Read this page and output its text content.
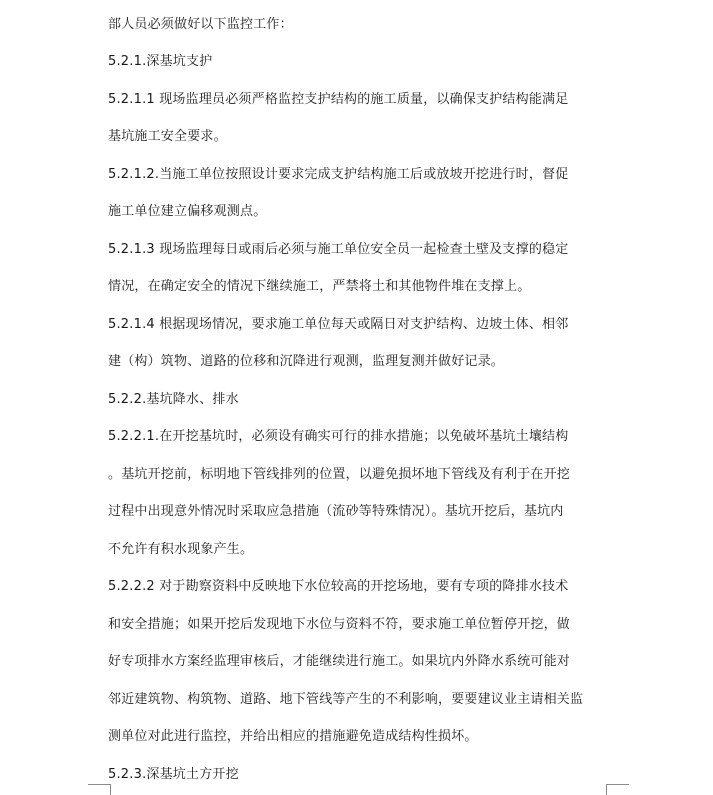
部人员必须做好以下监控工作：

5.2.1.深基坑支护

5.2.1.1 现场监理员必须严格监控支护结构的施工质量，以确保支护结构能满足

基坑施工安全要求。

5.2.1.2.当施工单位按照设计要求完成支护结构施工后或放坡开挖进行时，督促

施工单位建立偏移观测点。

5.2.1.3 现场监理每日或雨后必须与施工单位安全员一起检查土壁及支撑的稳定

情况，在确定安全的情况下继续施工，严禁将土和其他物件堆在支撑上。

5.2.1.4 根据现场情况，要求施工单位每天或隔日对支护结构、边坡土体、相邻

建（构）筑物、道路的位移和沉降进行观测，监理复测并做好记录。

5.2.2.基坑降水、排水

5.2.2.1.在开挖基坑时，必须设有确实可行的排水措施；以免破坏基坑土壤结构

。基坑开挖前，标明地下管线排列的位置，以避免损坏地下管线及有利于在开挖

过程中出现意外情况时采取应急措施（流砂等特殊情况）。基坑开挖后，基坑内

不允许有积水现象产生。

5.2.2.2 对于勘察资料中反映地下水位较高的开挖场地，要有专项的降排水技术

和安全措施；如果开挖后发现地下水位与资料不符，要求施工单位暂停开挖，做

好专项排水方案经监理审核后，才能继续进行施工。如果坑内外降水系统可能对

邻近建筑物、构筑物、道路、地下管线等产生的不利影响，要要建议业主请相关监

测单位对此进行监控，并给出相应的措施避免造成结构性损坏。

5.2.3.深基坑土方开挖
